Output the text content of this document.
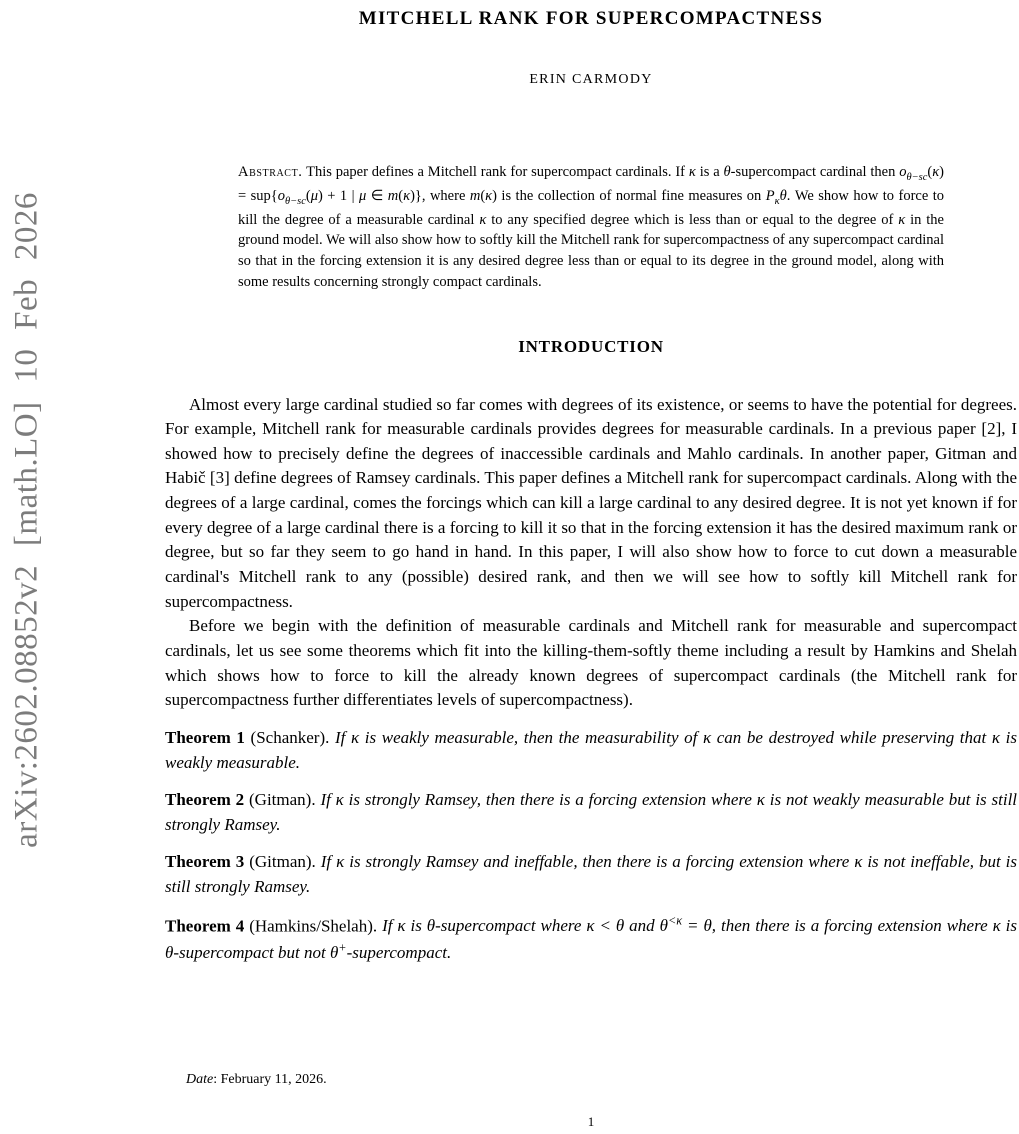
arXiv:2602.08852v2 [math.LO] 10 Feb 2026
MITCHELL RANK FOR SUPERCOMPACTNESS
ERIN CARMODY
Abstract. This paper defines a Mitchell rank for supercompact cardinals. If κ is a θ-supercompact cardinal then $o_{\theta-sc}(\kappa) = sup\{o_{\theta-sc}(\mu) + 1$ | μ ∈ m(κ)}, where m(κ) is the collection of normal fine measures on $P_\kappa\theta$. We show how to force to kill the degree of a measurable cardinal κ to any specified degree which is less than or equal to the degree of κ in the ground model. We will also show how to softly kill the Mitchell rank for supercompactness of any supercompact cardinal so that in the forcing extension it is any desired degree less than or equal to its degree in the ground model, along with some results concerning strongly compact cardinals.
INTRODUCTION

Almost every large cardinal studied so far comes with degrees of its existence, or seems to have the potential for degrees. For example, Mitchell rank for measurable cardinals provides degrees for measurable cardinals. In a previous paper [2], I showed how to precisely define the degrees of inaccessible cardinals and Mahlo cardinals. In another paper, Gitman and Habič [3] define degrees of Ramsey cardinals. This paper defines a Mitchell rank for supercompact cardinals. Along with the degrees of a large cardinal, comes the forcings which can kill a large cardinal to any desired degree. It is not yet known if for every degree of a large cardinal there is a forcing to kill it so that in the forcing extension it has the desired maximum rank or degree, but so far they seem to go hand in hand. In this paper, I will also show how to force to cut down a measurable cardinal's Mitchell rank to any (possible) desired rank, and then we will see how to softly kill Mitchell rank for supercompactness.

Before we begin with the definition of measurable cardinals and Mitchell rank for measurable and supercompact cardinals, let us see some theorems which fit into the killing-them-softly theme including a result by Hamkins and Shelah which shows how to force to kill the already known degrees of supercompact cardinals (the Mitchell rank for supercompactness further differentiates levels of supercompactness).

Theorem 1 (Schanker). If κ is weakly measurable, then the measurability of κ can be destroyed while preserving that κ is weakly measurable.

Theorem 2 (Gitman). If κ is strongly Ramsey, then there is a forcing extension where κ is not weakly measurable but is still strongly Ramsey.

Theorem 3 (Gitman). If κ is strongly Ramsey and ineffable, then there is a forcing extension where κ is not ineffable, but is still strongly Ramsey.

Theorem 4 (Hamkins/Shelah). If κ is θ-supercompact where κ < θ and $\theta^{<\kappa} = \theta$, then there is a forcing extension where κ is θ-supercompact but not θ+-supercompact.

Date: February 11, 2026.
1
